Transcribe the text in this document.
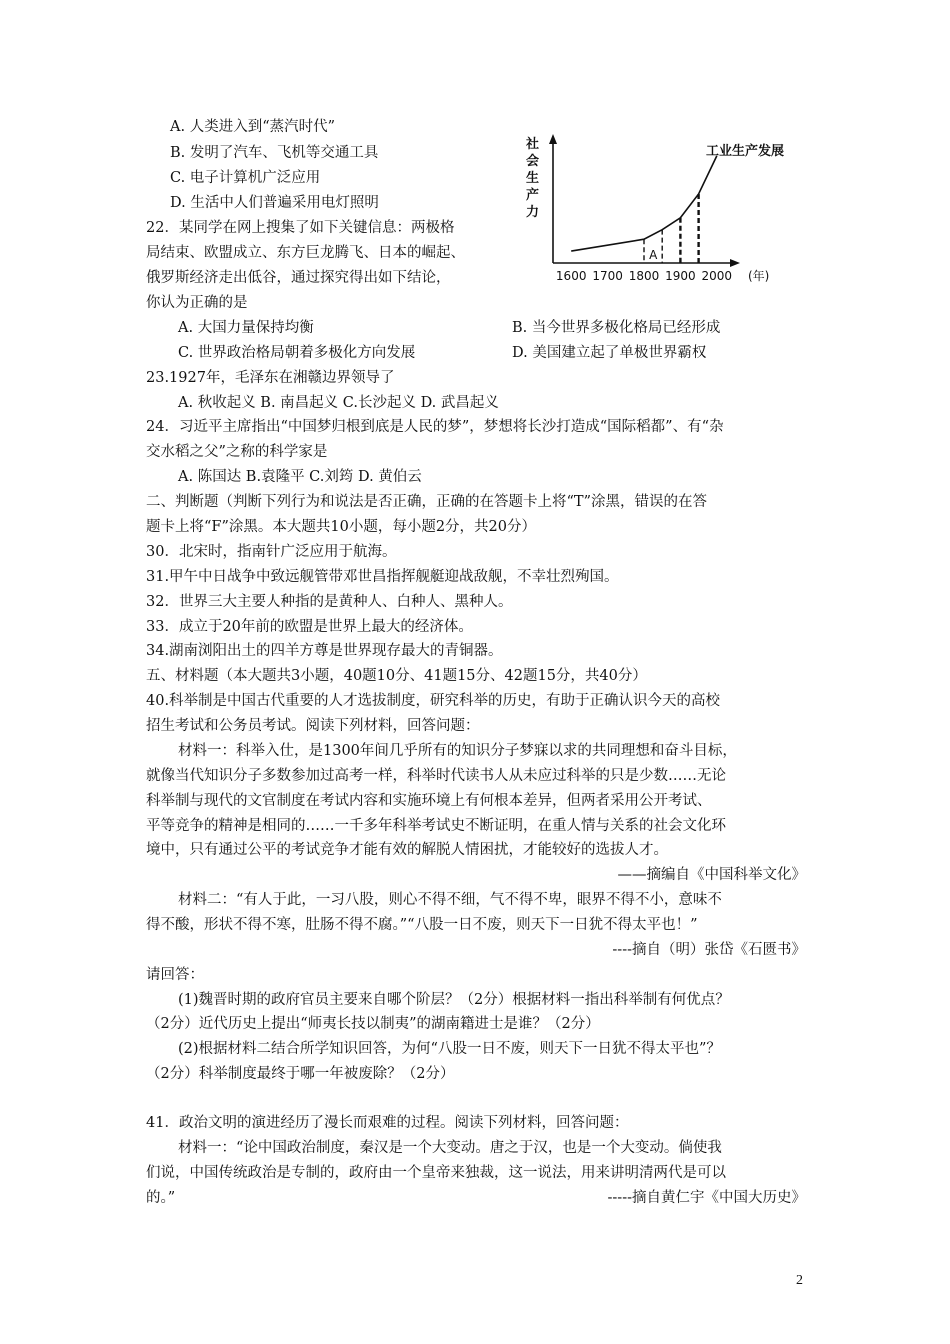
A. 人类进入到“蒸汽时代”
B. 发明了汽车、飞机等交通工具
C. 电子计算机广泛应用
D. 生活中人们普遍采用电灯照明
22．某同学在网上搜集了如下关键信息：两极格
局结束、欧盟成立、东方巨龙腾飞、日本的崛起、
俄罗斯经济走出低谷，通过探究得出如下结论，
你认为正确的是
A. 大国力量保持均衡	B. 当今世界多极化格局已经形成
C. 世界政治格局朝着多极化方向发展	D. 美国建立起了单极世界霸权
社会生产力
工业生产发展
1600 1700 1800 1900 2000
A
(年)
23.1927年，毛泽东在湘赣边界领导了
A. 秋收起义 B. 南昌起义 C.长沙起义 D. 武昌起义
24．习近平主席指出“中国梦归根到底是人民的梦”，梦想将长沙打造成“国际稻都”、有“杂
交水稻之父”之称的科学家是
A. 陈国达 B.袁隆平 C.刘筠 D. 黄伯云
二、判断题（判断下列行为和说法是否正确，正确的在答题卡上将“T”涂黑，错误的在答
题卡上将“F”涂黑。本大题共10小题，每小题2分，共20分）
30．北宋时，指南针广泛应用于航海。
31.甲午中日战争中致远舰管带邓世昌指挥舰艇迎战敌舰，不幸壮烈殉国。
32．世界三大主要人种指的是黄种人、白种人、黑种人。
33．成立于20年前的欧盟是世界上最大的经济体。
34.湖南浏阳出土的四羊方尊是世界现存最大的青铜器。
五、材料题（本大题共3小题，40题10分、41题15分、42题15分，共40分）
40.科举制是中国古代重要的人才选拔制度，研究科举的历史，有助于正确认识今天的高校
招生考试和公务员考试。阅读下列材料，回答问题：
材料一：科举入仕，是1300年间几乎所有的知识分子梦寐以求的共同理想和奋斗目标，
就像当代知识分子多数参加过高考一样，科举时代读书人从未应过科举的只是少数……无论
科举制与现代的文官制度在考试内容和实施环境上有何根本差异，但两者采用公开考试、
平等竞争的精神是相同的……一千多年科举考试史不断证明，在重人情与关系的社会文化环
境中，只有通过公平的考试竞争才能有效的解脱人情困扰，才能较好的选拔人才。
——摘编自《中国科举文化》
材料二：“有人于此，一习八股，则心不得不细，气不得不卑，眼界不得不小，意味不
得不酸，形状不得不寒，肚肠不得不腐。”“八股一日不废，则天下一日犹不得太平也！”
----摘自（明）张岱《石匮书》
请回答：
(1)魏晋时期的政府官员主要来自哪个阶层？（2分）根据材料一指出科举制有何优点？
（2分）近代历史上提出“师夷长技以制夷”的湖南籍进士是谁？（2分）
(2)根据材料二结合所学知识回答，为何“八股一日不废，则天下一日犹不得太平也”？
（2分）科举制度最终于哪一年被废除？（2分）
41．政治文明的演进经历了漫长而艰难的过程。阅读下列材料，回答问题：
材料一：“论中国政治制度，秦汉是一个大变动。唐之于汉，也是一个大变动。倘使我
们说，中国传统政治是专制的，政府由一个皇帝来独裁，这一说法，用来讲明清两代是可以
的。”	-----摘自黄仁宇《中国大历史》
2
